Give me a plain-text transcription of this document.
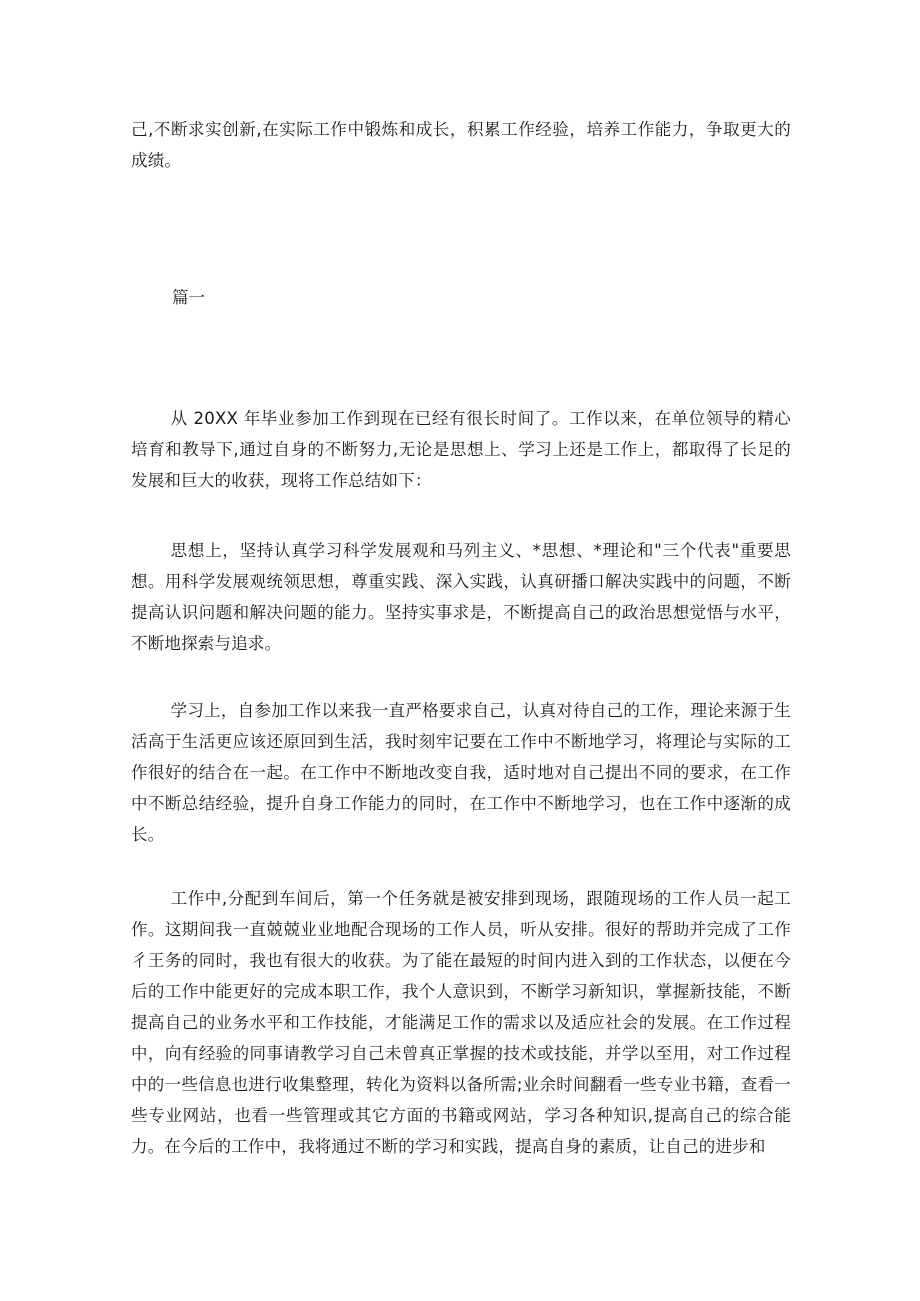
己,不断求实创新,在实际工作中锻炼和成长，积累工作经验，培养工作能力，争取更大的成绩。

篇一

从 20XX 年毕业参加工作到现在已经有很长时间了。工作以来，在单位领导的精心培育和教导下,通过自身的不断努力,无论是思想上、学习上还是工作上，都取得了长足的发展和巨大的收获，现将工作总结如下：

思想上，坚持认真学习科学发展观和马列主义、*思想、*理论和"三个代表"重要思想。用科学发展观统领思想，尊重实践、深入实践，认真研播口解决实践中的问题，不断提高认识问题和解决问题的能力。坚持实事求是，不断提高自己的政治思想觉悟与水平，不断地探索与追求。

学习上，自参加工作以来我一直严格要求自己，认真对待自己的工作，理论来源于生活高于生活更应该还原回到生活，我时刻牢记要在工作中不断地学习，将理论与实际的工作很好的结合在一起。在工作中不断地改变自我，适时地对自己提出不同的要求，在工作中不断总结经验，提升自身工作能力的同时，在工作中不断地学习，也在工作中逐渐的成长。

工作中,分配到车间后，第一个任务就是被安排到现场，跟随现场的工作人员一起工作。这期间我一直兢兢业业地配合现场的工作人员，听从安排。很好的帮助并完成了工作彳王务的同时，我也有很大的收获。为了能在最短的时间内进入到的工作状态，以便在今后的工作中能更好的完成本职工作，我个人意识到，不断学习新知识，掌握新技能，不断提高自己的业务水平和工作技能，才能满足工作的需求以及适应社会的发展。在工作过程中，向有经验的同事请教学习自己未曾真正掌握的技术或技能，并学以至用，对工作过程中的一些信息也进行收集整理，转化为资料以备所需;业余时间翻看一些专业书籍，查看一些专业网站，也看一些管理或其它方面的书籍或网站，学习各种知识,提高自己的综合能力。在今后的工作中，我将通过不断的学习和实践，提高自身的素质，让自己的进步和
